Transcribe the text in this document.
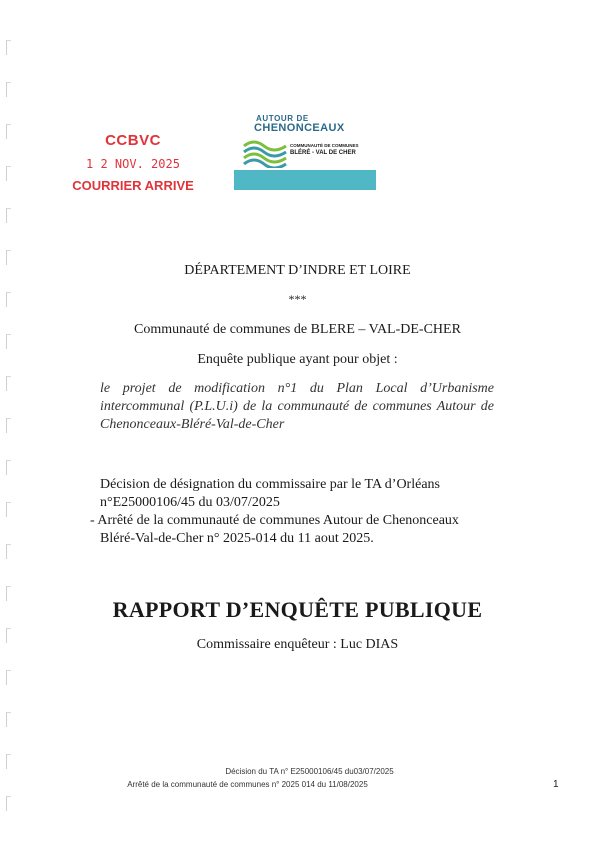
CCBVC
1 2 NOV. 2025
COURRIER ARRIVE
AUTOUR DE
CHENONCEAUX
COMMUNAUTÉ DE COMMUNES
BLÉRÉ - VAL DE CHER
DÉPARTEMENT D’INDRE ET LOIRE
***
Communauté de communes de BLERE – VAL-DE-CHER
Enquête publique ayant pour objet :
le projet de modification n°1 du Plan Local d’Urbanisme intercommunal (P.L.U.i) de la communauté de communes Autour de Chenonceaux-Bléré-Val-de-Cher

Décision de désignation du commissaire par le TA d’Orléans

n°E25000106/45 du 03/07/2025

- Arrêté de la communauté de communes Autour de Chenonceaux

Bléré-Val-de-Cher n° 2025-014 du 11 aout 2025.

RAPPORT D’ENQUÊTE PUBLIQUE
Commissaire enquêteur : Luc DIAS
Décision du TA n° E25000106/45 du03/07/2025
Arrêté de la communauté de communes n° 2025 014 du 11/08/2025	1
